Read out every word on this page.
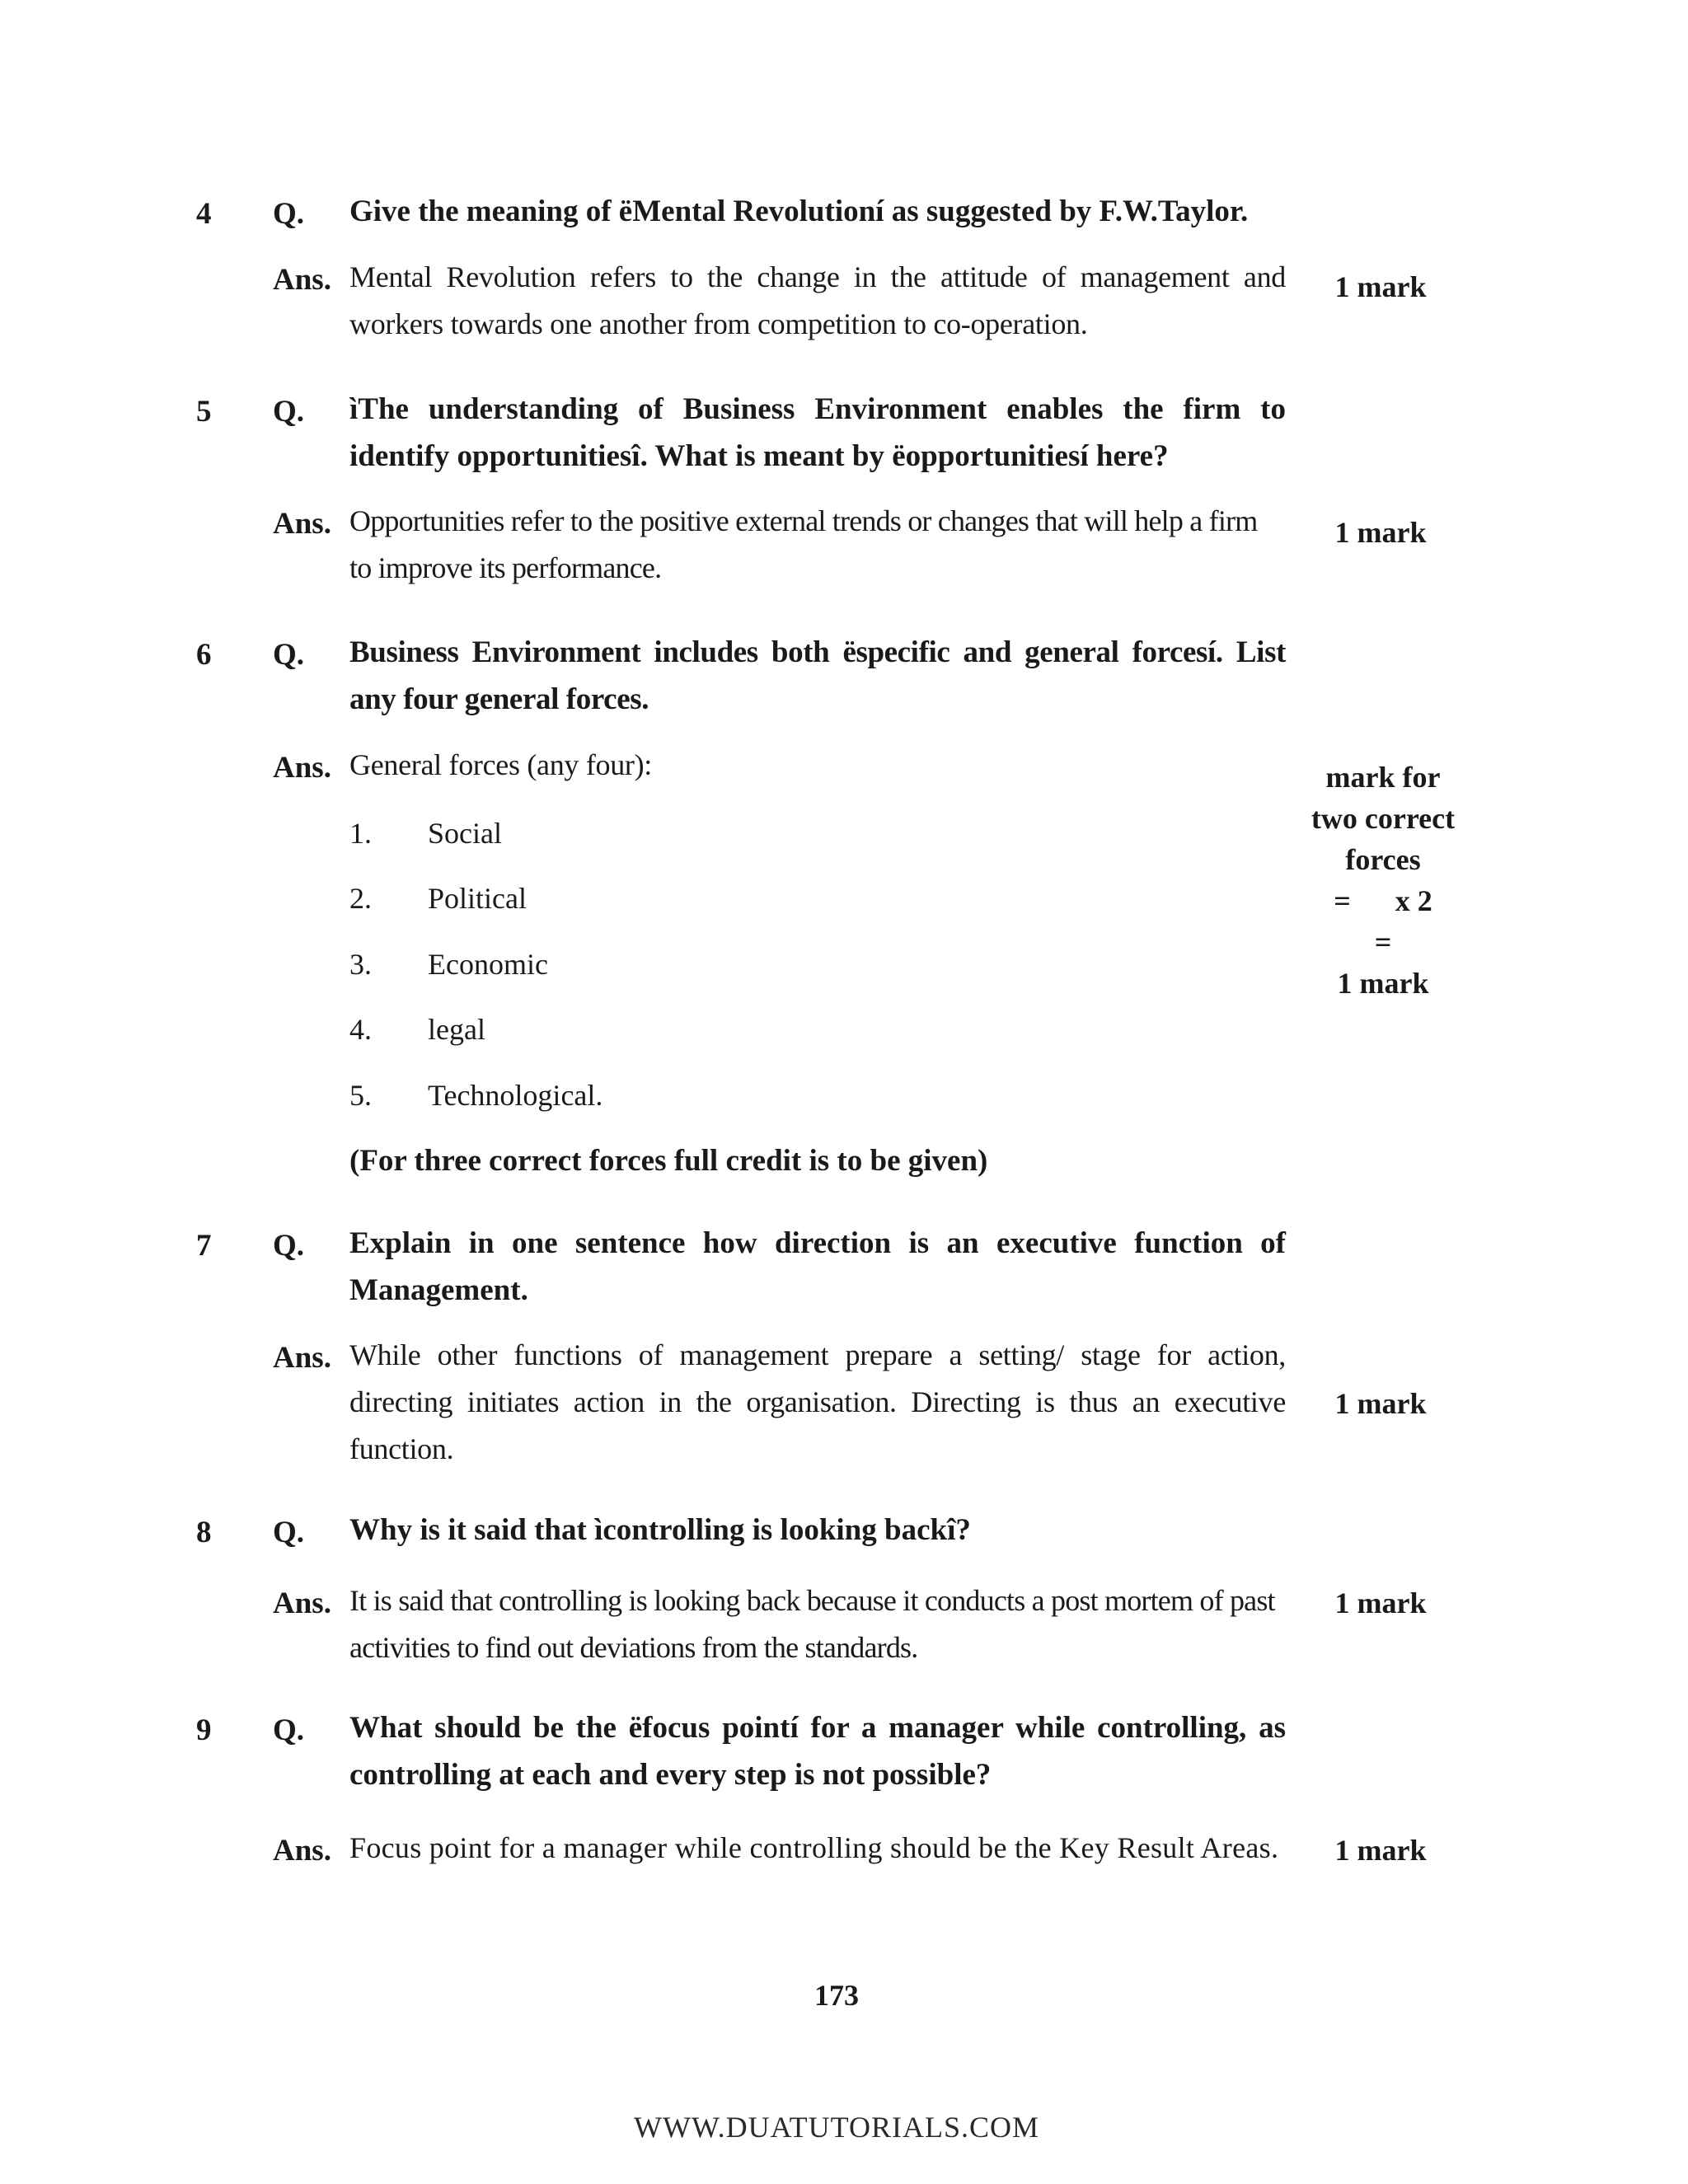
4 Q. Give the meaning of ëMental Revolutioní as suggested by F.W.Taylor.
Ans. Mental Revolution refers to the change in the attitude of management and workers towards one another from competition to co-operation.
1 mark
5 Q. ìThe understanding of Business Environment enables the firm to identify opportunitiesî. What is meant by ëopportunitiesí here?
Ans. Opportunities refer to the positive external trends or changes that will help a firm to improve its performance.
1 mark
6 Q. Business Environment includes both ëspecific and general forcesí. List any four general forces.
Ans. General forces (any four):
1. Social
2. Political
3. Economic
4. legal
5. Technological.
(For three correct forces full credit is to be given)
mark for
two correct
forces
=      x 2
=
1 mark
7 Q. Explain in one sentence how direction is an executive function of Management.
Ans. While other functions of management prepare a setting/ stage for action, directing initiates action in the organisation. Directing is thus an executive function.
1 mark
8 Q. Why is it said that ìcontrolling is looking backî?
Ans. It is said that controlling is looking back because it conducts a post mortem of past activities to find out deviations from the standards.
1 mark
9 Q. What should be the ëfocus pointí for a manager while controlling, as controlling at each and every step is not possible?
Ans. Focus point for a manager while controlling should be the Key Result Areas.	1 mark
173
WWW.DUATUTORIALS.COM
